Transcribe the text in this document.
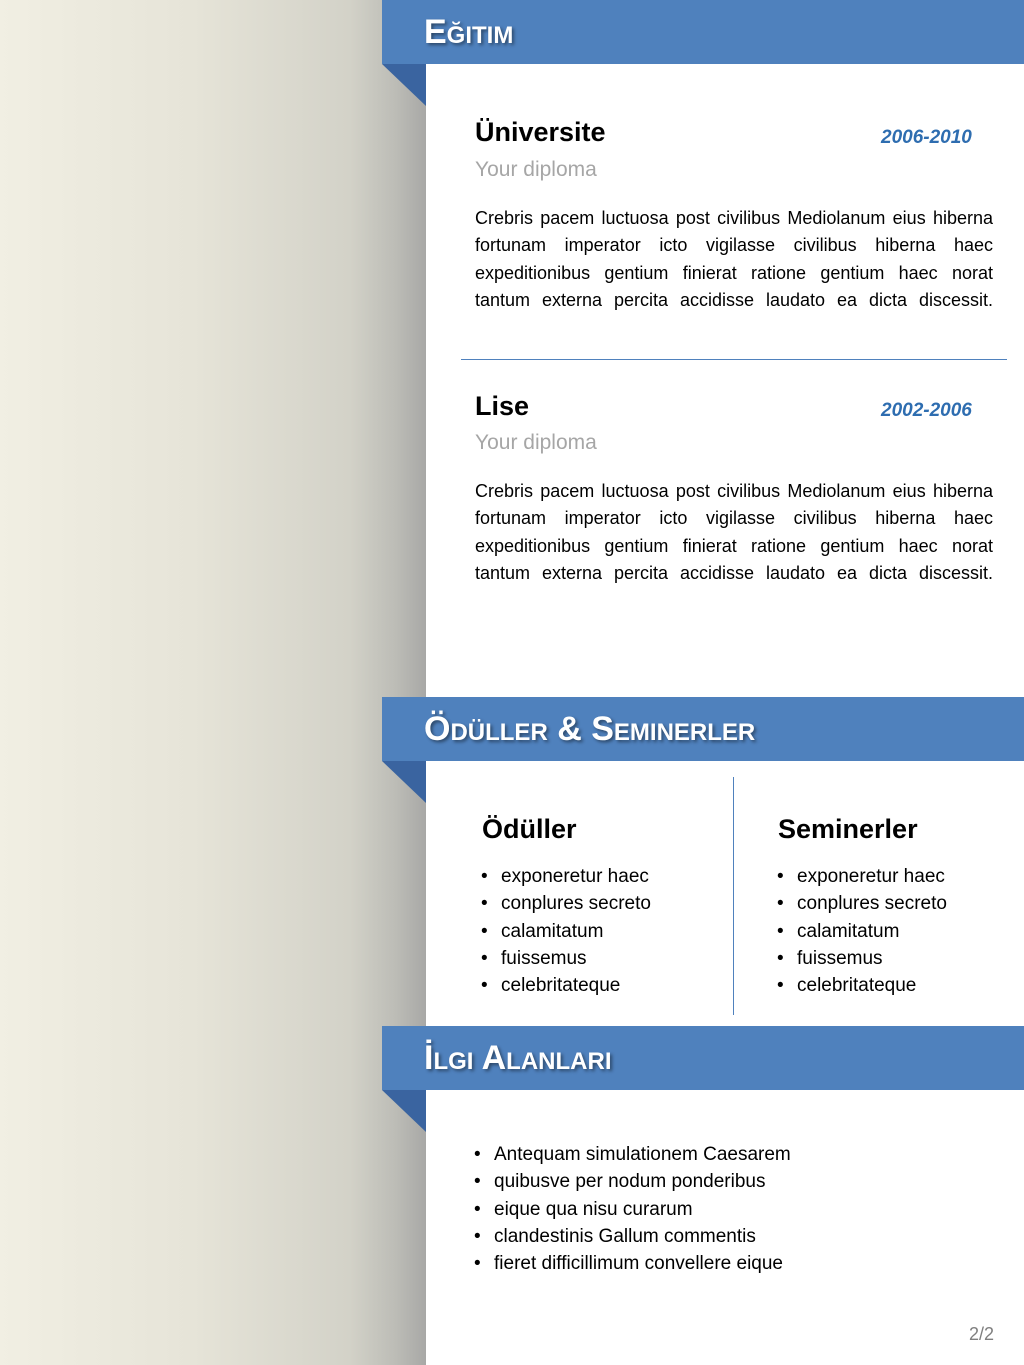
Eğitim
Üniversite	2006-2010
Your diploma
Crebris pacem luctuosa post civilibus Mediolanum eius hiberna fortunam imperator icto vigilasse civilibus hiberna haec expeditionibus gentium finierat ratione gentium haec norat tantum externa percita accidisse laudato ea dicta discessit.
Lise	2002-2006
Your diploma
Crebris pacem luctuosa post civilibus Mediolanum eius hiberna fortunam imperator icto vigilasse civilibus hiberna haec expeditionibus gentium finierat ratione gentium haec norat tantum externa percita accidisse laudato ea dicta discessit.
Ödüller & Seminerler
Ödüller
• exponeretur haec
• conplures secreto
• calamitatum
• fuissemus
• celebritateque
Seminerler
• exponeretur haec
• conplures secreto
• calamitatum
• fuissemus
• celebritateque
İlgi Alanları
• Antequam simulationem Caesarem
• quibusve per nodum ponderibus
• eique qua nisu curarum
• clandestinis Gallum commentis
• fieret difficillimum convellere eique
2/2
